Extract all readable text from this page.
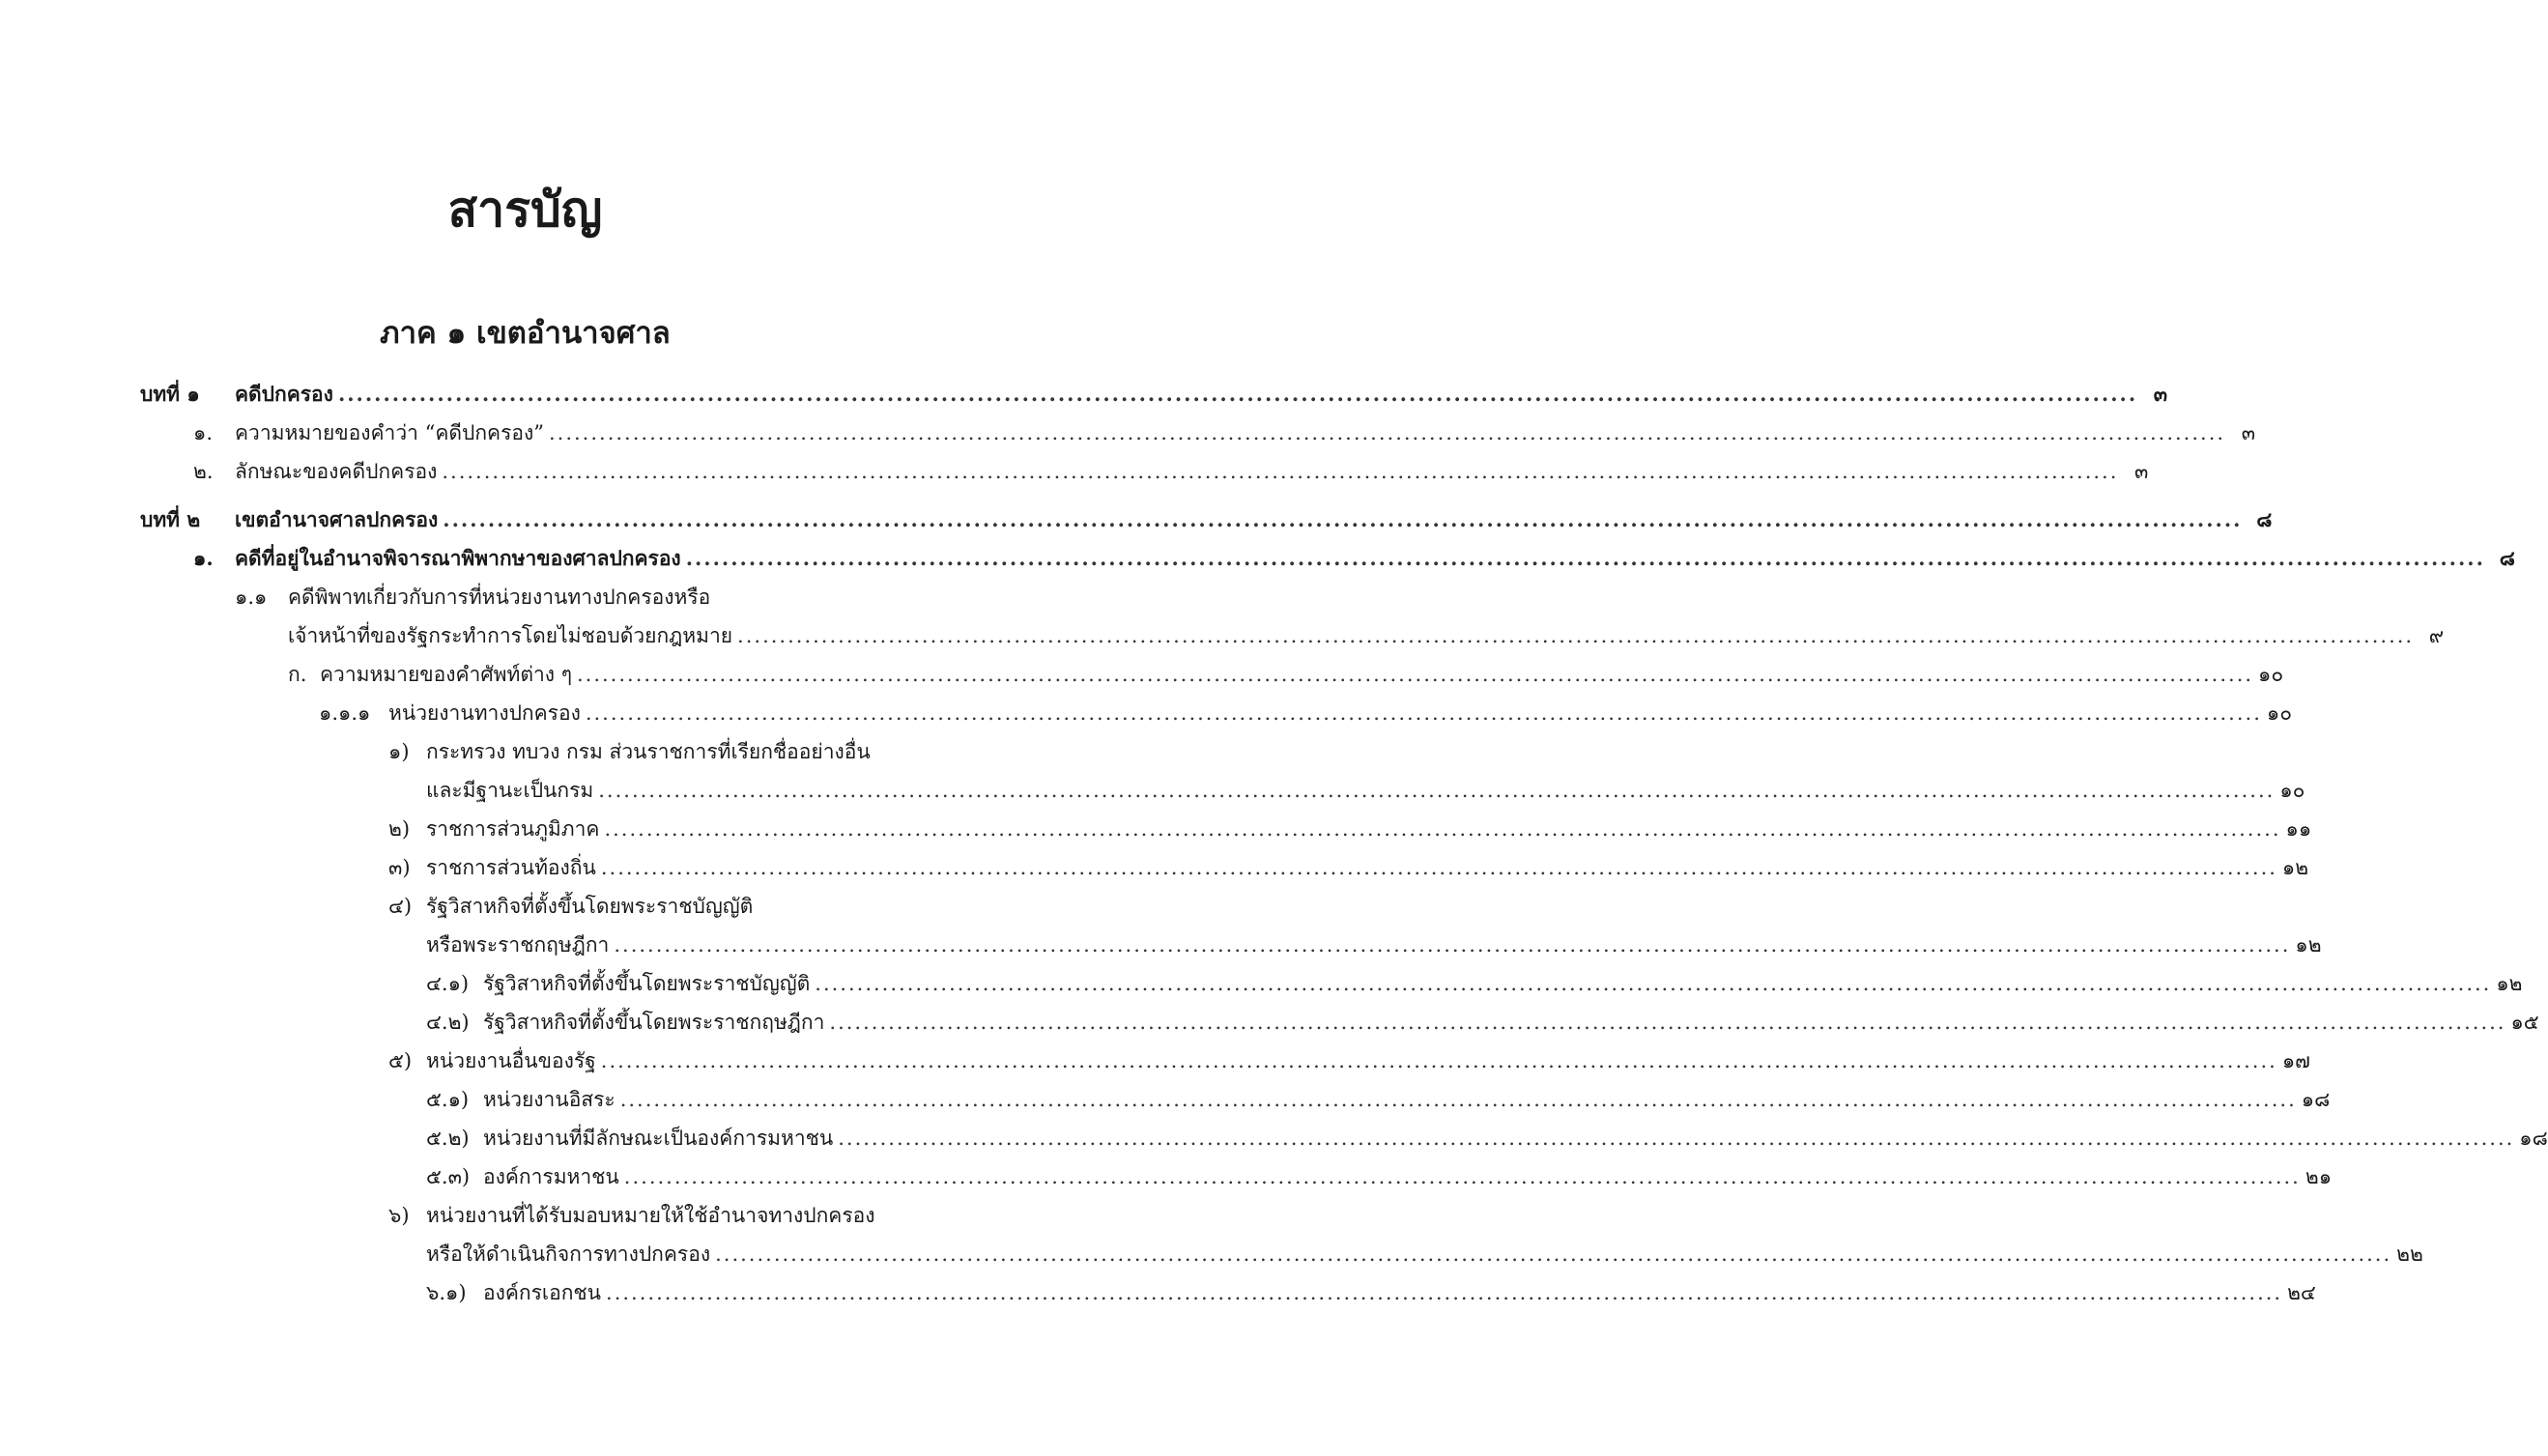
สารบัญ
ภาค ๑ เขตอำนาจศาล
บทที่ ๑ คดีปกครอง ........................................................................................................................................................................................................ ๓
๑. ความหมายของคำว่า “คดีปกครอง” ........................................................................................................................................................................................................ ๓
๒. ลักษณะของคดีปกครอง ........................................................................................................................................................................................................ ๓
บทที่ ๒ เขตอำนาจศาลปกครอง ........................................................................................................................................................................................................ ๘
๑. คดีที่อยู่ในอำนาจพิจารณาพิพากษาของศาลปกครอง ........................................................................................................................................................................................................ ๘
๑.๑ คดีพิพาทเกี่ยวกับการที่หน่วยงานทางปกครองหรือ
เจ้าหน้าที่ของรัฐกระทำการโดยไม่ชอบด้วยกฎหมาย ........................................................................................................................................................................................................ ๙
ก. ความหมายของคำศัพท์ต่าง ๆ ........................................................................................................................................................................................................ ๑๐
๑.๑.๑ หน่วยงานทางปกครอง ........................................................................................................................................................................................................ ๑๐
๑) กระทรวง ทบวง กรม ส่วนราชการที่เรียกชื่ออย่างอื่น
และมีฐานะเป็นกรม ........................................................................................................................................................................................................ ๑๐
๒) ราชการส่วนภูมิภาค ........................................................................................................................................................................................................ ๑๑
๓) ราชการส่วนท้องถิ่น ........................................................................................................................................................................................................ ๑๒
๔) รัฐวิสาหกิจที่ตั้งขึ้นโดยพระราชบัญญัติ
หรือพระราชกฤษฎีกา ........................................................................................................................................................................................................ ๑๒
๔.๑) รัฐวิสาหกิจที่ตั้งขึ้นโดยพระราชบัญญัติ ........................................................................................................................................................................................................ ๑๒
๔.๒) รัฐวิสาหกิจที่ตั้งขึ้นโดยพระราชกฤษฎีกา ........................................................................................................................................................................................................ ๑๕
๕) หน่วยงานอื่นของรัฐ ........................................................................................................................................................................................................ ๑๗
๕.๑) หน่วยงานอิสระ ........................................................................................................................................................................................................ ๑๘
๕.๒) หน่วยงานที่มีลักษณะเป็นองค์การมหาชน ........................................................................................................................................................................................................ ๑๘
๕.๓) องค์การมหาชน ........................................................................................................................................................................................................ ๒๑
๖) หน่วยงานที่ได้รับมอบหมายให้ใช้อำนาจทางปกครอง
หรือให้ดำเนินกิจการทางปกครอง ........................................................................................................................................................................................................ ๒๒
๖.๑) องค์กรเอกชน ........................................................................................................................................................................................................ ๒๔
